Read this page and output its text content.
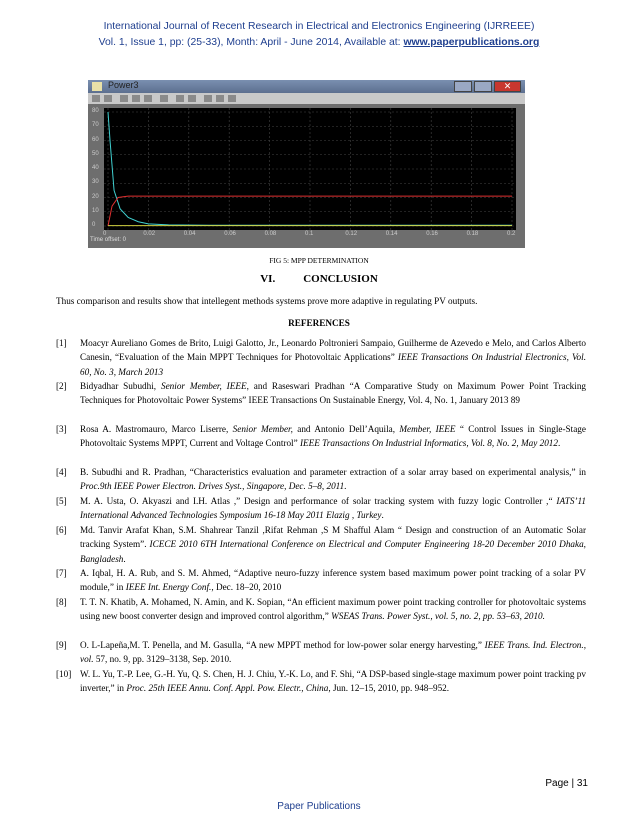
International Journal of Recent Research in Electrical and Electronics Engineering (IJRREEE)
Vol. 1, Issue 1, pp: (25-33), Month: April - June 2014, Available at: www.paperpublications.org
Power3	✕
80
70
60
50
40
30
20
10
0
0	0.02	0.04	0.06	0.08	0.1	0.12	0.14	0.16	0.18	0.2
Time offset: 0
FIG 5: MPP DETERMINATION
VI.	CONCLUSION
Thus comparison and results show that intellegent methods systems prove more adaptive in regulating PV outputs.
REFERENCES
[1] Moacyr Aureliano Gomes de Brito, Luigi Galotto, Jr., Leonardo Poltronieri Sampaio, Guilherme de Azevedo e Melo, and Carlos Alberto Canesin, “Evaluation of the Main MPPT Techniques for Photovoltaic Applications” IEEE Transactions On Industrial Electronics, Vol. 60, No. 3, March 2013
[2] Bidyadhar Subudhi, Senior Member, IEEE, and Raseswari Pradhan “A Comparative Study on Maximum Power Point Tracking Techniques for Photovoltaic Power Systems” IEEE Transactions On Sustainable Energy, Vol. 4, No. 1, January 2013 89
[3] Rosa A. Mastromauro, Marco Liserre, Senior Member, and Antonio Dell’Aquila, Member, IEEE “ Control Issues in Single-Stage Photovoltaic Systems MPPT, Current and Voltage Control” IEEE Transactions On Industrial Informatics, Vol. 8, No. 2, May 2012.
[4] B. Subudhi and R. Pradhan, “Characteristics evaluation and parameter extraction of a solar array based on experimental analysis,” in Proc.9th IEEE Power Electron. Drives Syst., Singapore, Dec. 5–8, 2011.
[5] M. A. Usta, O. Akyaszi and I.H. Atlas ,” Design and performance of solar tracking system with fuzzy logic Controller ,“ IATS’11 International Advanced Technologies Symposium 16-18 May 2011 Elazig , Turkey.
[6] Md. Tanvir Arafat Khan, S.M. Shahrear Tanzil ,Rifat Rehman ,S M Shafful Alam “ Design and construction of an Automatic Solar tracking System”. ICECE 2010 6TH International Conference on Electrical and Computer Engineering 18-20 December 2010 Dhaka, Bangladesh.
[7] A. Iqbal, H. A. Rub, and S. M. Ahmed, “Adaptive neuro-fuzzy inference system based maximum power point tracking of a solar PV module,” in IEEE Int. Energy Conf., Dec. 18–20, 2010
[8] T. T. N. Khatib, A. Mohamed, N. Amin, and K. Sopian, “An efficient maximum power point tracking controller for photovoltaic systems using new boost converter design and improved control algorithm,” WSEAS Trans. Power Syst., vol. 5, no. 2, pp. 53–63, 2010.
[9] O. L-Lapeña,M. T. Penella, and M. Gasulla, “A new MPPT method for low-power solar energy harvesting,” IEEE Trans. Ind. Electron., vol. 57, no. 9, pp. 3129–3138, Sep. 2010.
[10] W. L. Yu, T.-P. Lee, G.-H. Yu, Q. S. Chen, H. J. Chiu, Y.-K. Lo, and F. Shi, “A DSP-based single-stage maximum power point tracking pv inverter,” in Proc. 25th IEEE Annu. Conf. Appl. Pow. Electr., China, Jun. 12–15, 2010, pp. 948–952.
Page | 31
Paper Publications
